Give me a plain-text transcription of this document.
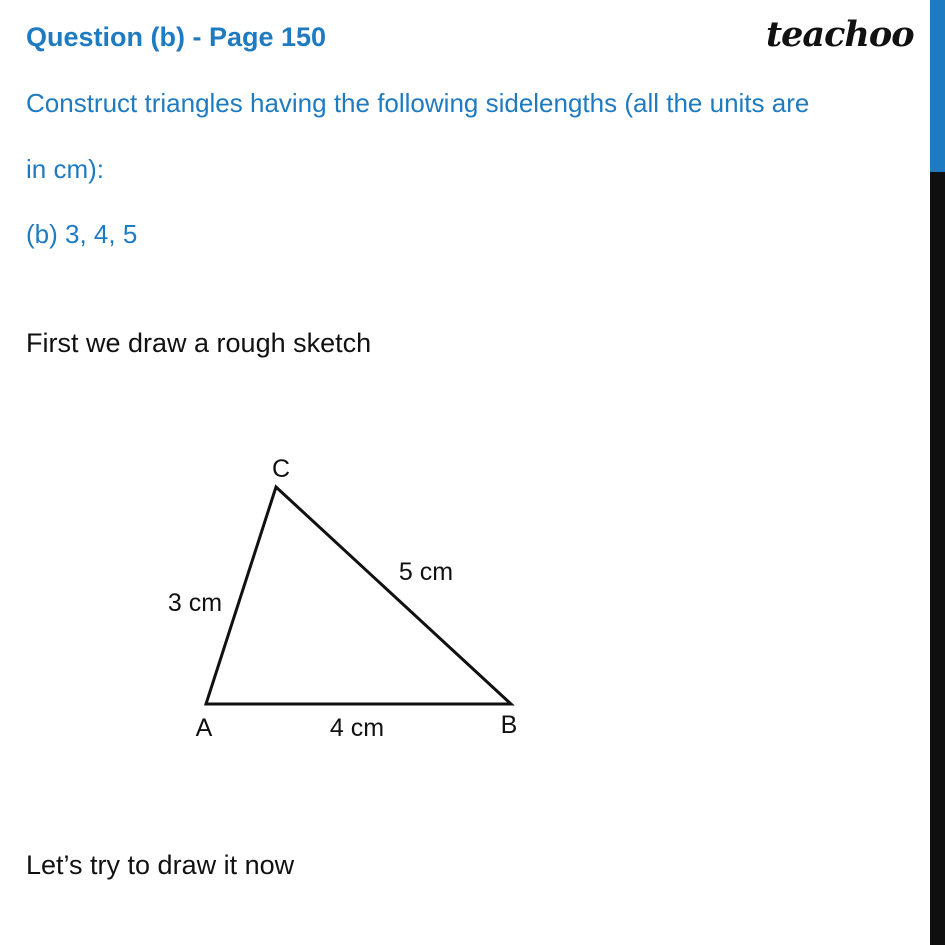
Question (b) - Page 150	teachoo
Construct triangles having the following sidelengths (all the units are
in cm):
(b) 3, 4, 5
First we draw a rough sketch
C
A	B
3 cm
4 cm
5 cm
Let’s try to draw it now
